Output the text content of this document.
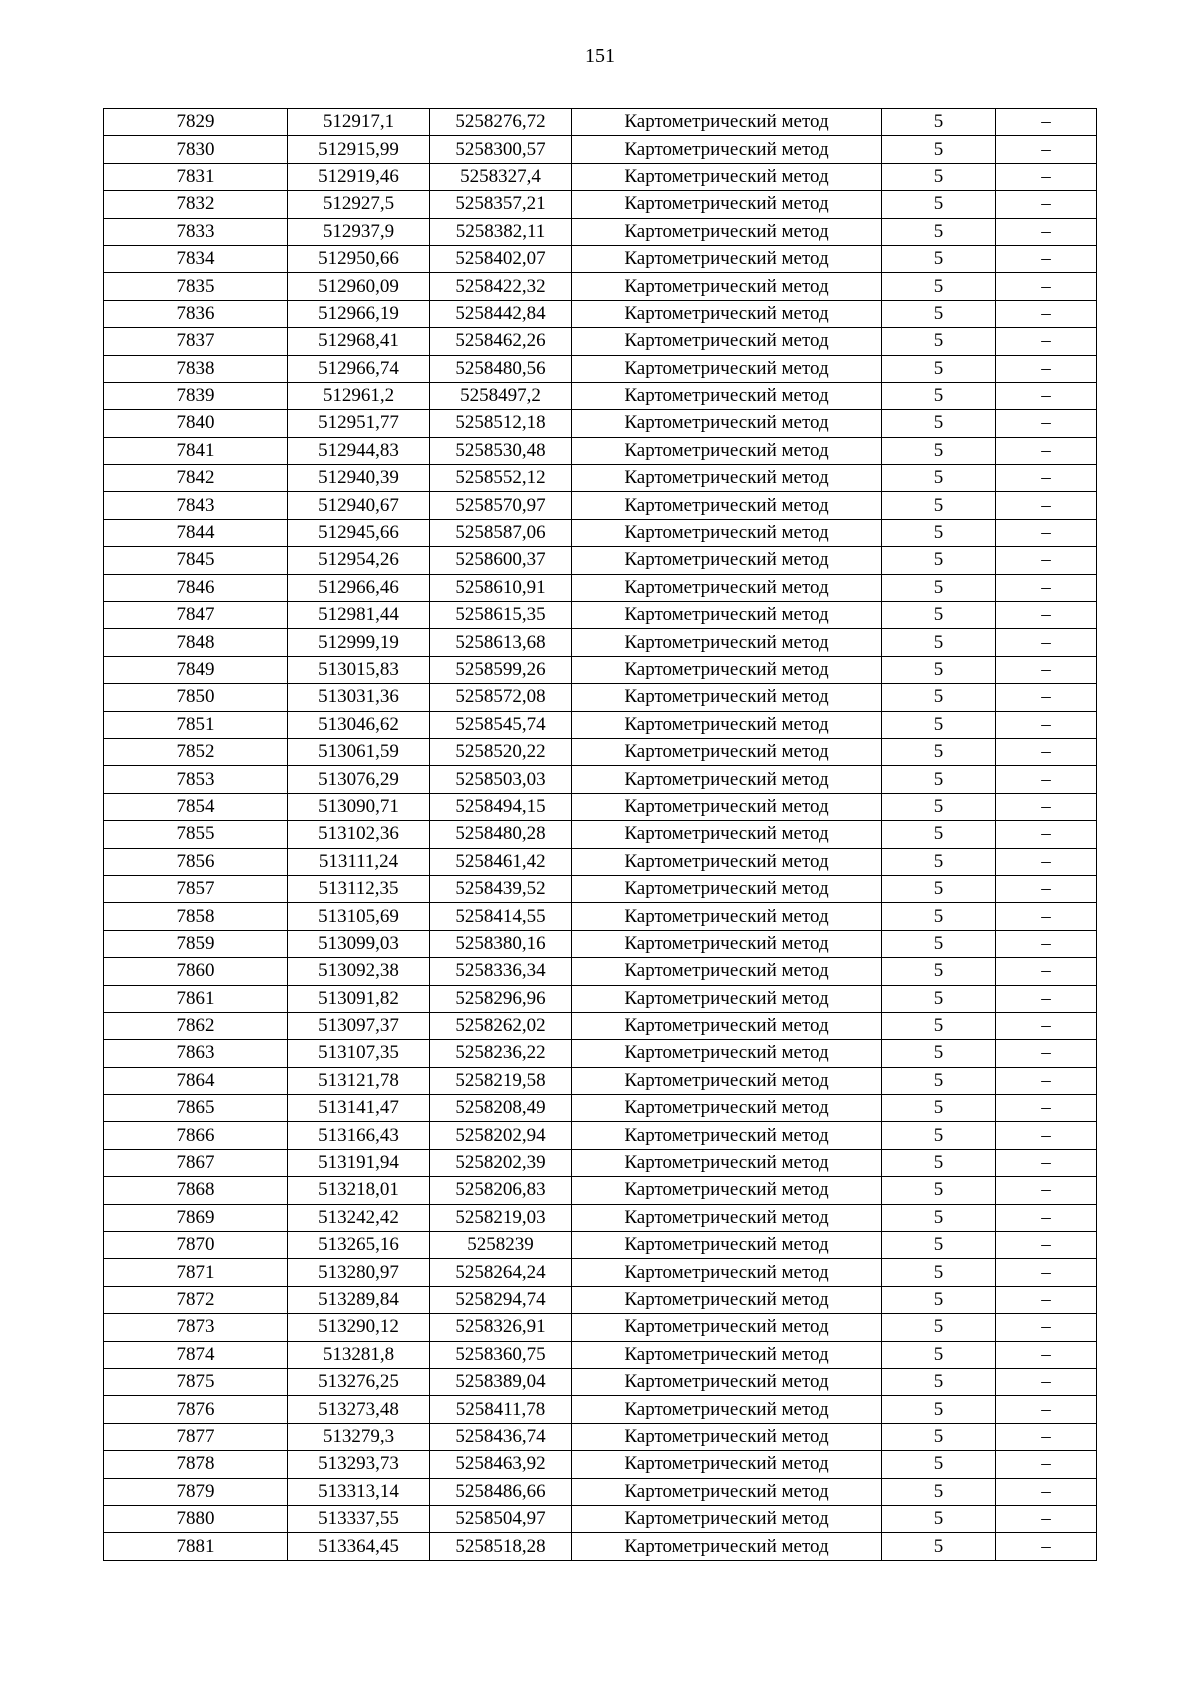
151
7829	512917,1	5258276,72	Картометрический метод	5	–
7830	512915,99	5258300,57	Картометрический метод	5	–
7831	512919,46	5258327,4	Картометрический метод	5	–
7832	512927,5	5258357,21	Картометрический метод	5	–
7833	512937,9	5258382,11	Картометрический метод	5	–
7834	512950,66	5258402,07	Картометрический метод	5	–
7835	512960,09	5258422,32	Картометрический метод	5	–
7836	512966,19	5258442,84	Картометрический метод	5	–
7837	512968,41	5258462,26	Картометрический метод	5	–
7838	512966,74	5258480,56	Картометрический метод	5	–
7839	512961,2	5258497,2	Картометрический метод	5	–
7840	512951,77	5258512,18	Картометрический метод	5	–
7841	512944,83	5258530,48	Картометрический метод	5	–
7842	512940,39	5258552,12	Картометрический метод	5	–
7843	512940,67	5258570,97	Картометрический метод	5	–
7844	512945,66	5258587,06	Картометрический метод	5	–
7845	512954,26	5258600,37	Картометрический метод	5	–
7846	512966,46	5258610,91	Картометрический метод	5	–
7847	512981,44	5258615,35	Картометрический метод	5	–
7848	512999,19	5258613,68	Картометрический метод	5	–
7849	513015,83	5258599,26	Картометрический метод	5	–
7850	513031,36	5258572,08	Картометрический метод	5	–
7851	513046,62	5258545,74	Картометрический метод	5	–
7852	513061,59	5258520,22	Картометрический метод	5	–
7853	513076,29	5258503,03	Картометрический метод	5	–
7854	513090,71	5258494,15	Картометрический метод	5	–
7855	513102,36	5258480,28	Картометрический метод	5	–
7856	513111,24	5258461,42	Картометрический метод	5	–
7857	513112,35	5258439,52	Картометрический метод	5	–
7858	513105,69	5258414,55	Картометрический метод	5	–
7859	513099,03	5258380,16	Картометрический метод	5	–
7860	513092,38	5258336,34	Картометрический метод	5	–
7861	513091,82	5258296,96	Картометрический метод	5	–
7862	513097,37	5258262,02	Картометрический метод	5	–
7863	513107,35	5258236,22	Картометрический метод	5	–
7864	513121,78	5258219,58	Картометрический метод	5	–
7865	513141,47	5258208,49	Картометрический метод	5	–
7866	513166,43	5258202,94	Картометрический метод	5	–
7867	513191,94	5258202,39	Картометрический метод	5	–
7868	513218,01	5258206,83	Картометрический метод	5	–
7869	513242,42	5258219,03	Картометрический метод	5	–
7870	513265,16	5258239	Картометрический метод	5	–
7871	513280,97	5258264,24	Картометрический метод	5	–
7872	513289,84	5258294,74	Картометрический метод	5	–
7873	513290,12	5258326,91	Картометрический метод	5	–
7874	513281,8	5258360,75	Картометрический метод	5	–
7875	513276,25	5258389,04	Картометрический метод	5	–
7876	513273,48	5258411,78	Картометрический метод	5	–
7877	513279,3	5258436,74	Картометрический метод	5	–
7878	513293,73	5258463,92	Картометрический метод	5	–
7879	513313,14	5258486,66	Картометрический метод	5	–
7880	513337,55	5258504,97	Картометрический метод	5	–
7881	513364,45	5258518,28	Картометрический метод	5	–
